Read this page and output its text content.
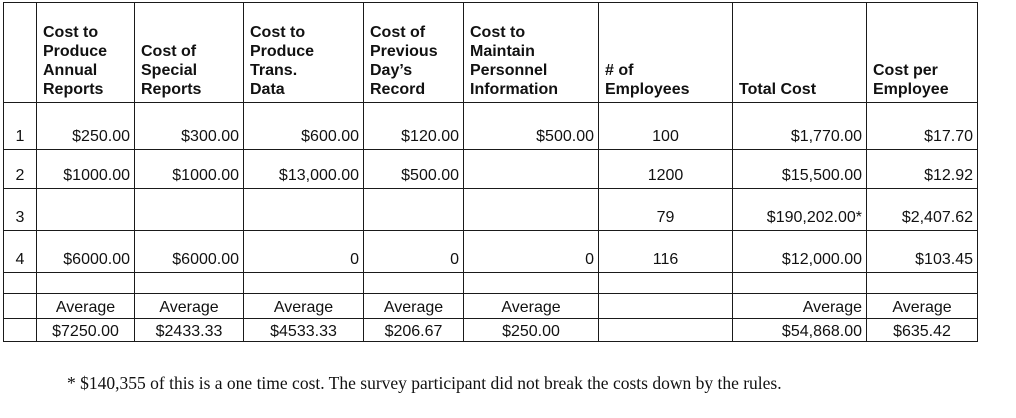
	Cost to
Produce
Annual
Reports	Cost of
Special
Reports	Cost to
Produce
Trans.
Data	Cost of
Previous
Day’s
Record	Cost to
Maintain
Personnel
Information	# of
Employees	Total Cost	Cost per
Employee
1	$250.00	$300.00	$600.00	$120.00	$500.00	100	$1,770.00	$17.70
2	$1000.00	$1000.00	$13,000.00	$500.00		1200	$15,500.00	$12.92
3						79	$190,202.00*	$2,407.62
4	$6000.00	$6000.00	0	0	0	116	$12,000.00	$103.45

	Average	Average	Average	Average	Average		Average	Average
	$7250.00	$2433.33	$4533.33	$206.67	$250.00		$54,868.00	$635.42
* $140,355 of this is a one time cost. The survey participant did not break the costs down by the rules.
